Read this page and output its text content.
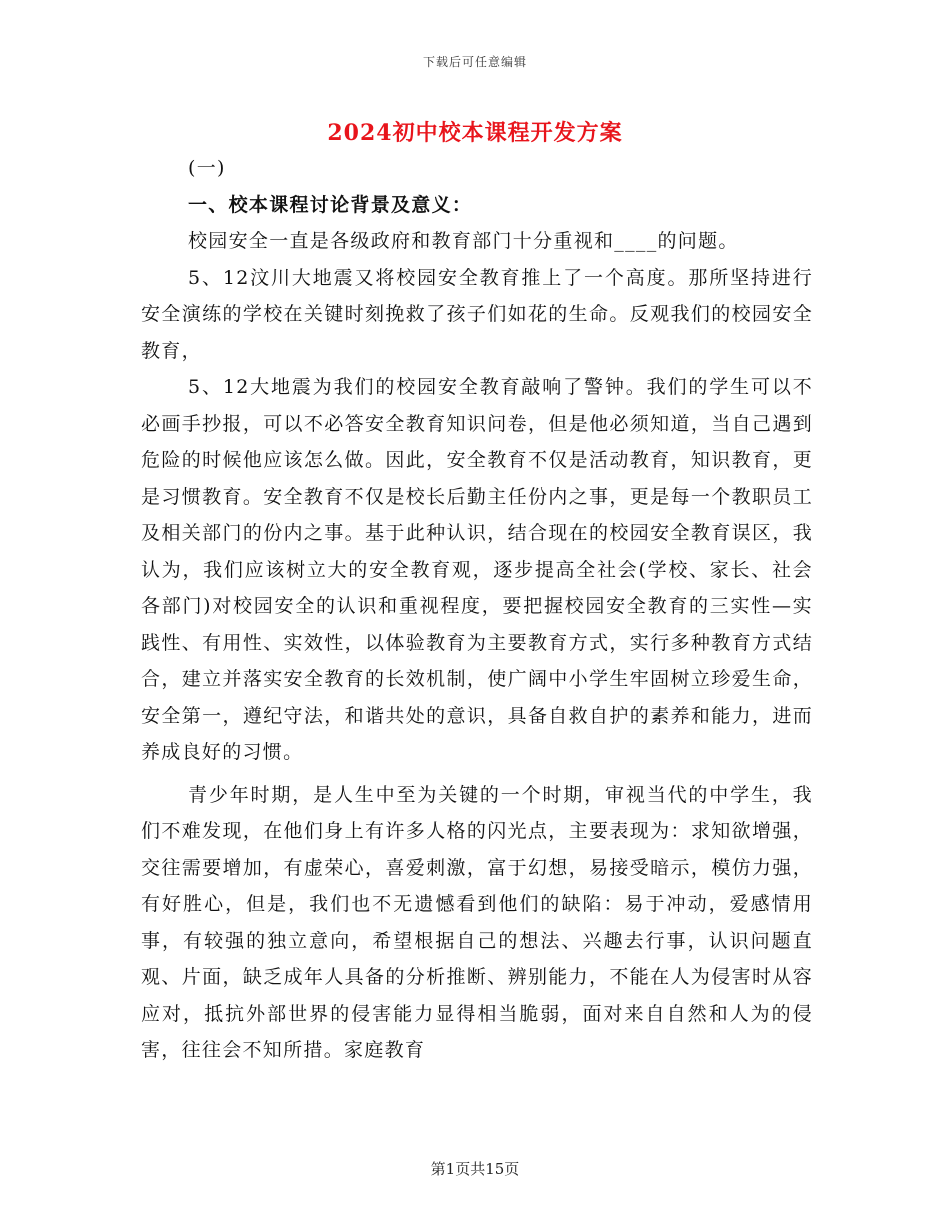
下载后可任意编辑
2024初中校本课程开发方案

(一)

一、校本课程讨论背景及意义：

校园安全一直是各级政府和教育部门十分重视和____的问题。

5、12汶川大地震又将校园安全教育推上了一个高度。那所坚持进行安全演练的学校在关键时刻挽救了孩子们如花的生命。反观我们的校园安全教育，

5、12大地震为我们的校园安全教育敲响了警钟。我们的学生可以不必画手抄报，可以不必答安全教育知识问卷，但是他必须知道，当自己遇到危险的时候他应该怎么做。因此，安全教育不仅是活动教育，知识教育，更是习惯教育。安全教育不仅是校长后勤主任份内之事，更是每一个教职员工及相关部门的份内之事。基于此种认识，结合现在的校园安全教育误区，我认为，我们应该树立大的安全教育观，逐步提高全社会(学校、家长、社会各部门)对校园安全的认识和重视程度，要把握校园安全教育的三实性—实践性、有用性、实效性，以体验教育为主要教育方式，实行多种教育方式结合，建立并落实安全教育的长效机制，使广阔中小学生牢固树立珍爱生命，安全第一，遵纪守法，和谐共处的意识，具备自救自护的素养和能力，进而养成良好的习惯。

青少年时期，是人生中至为关键的一个时期，审视当代的中学生，我们不难发现，在他们身上有许多人格的闪光点，主要表现为：求知欲增强，交往需要增加，有虚荣心，喜爱刺激，富于幻想，易接受暗示，模仿力强，有好胜心，但是，我们也不无遗憾看到他们的缺陷：易于冲动，爱感情用事，有较强的独立意向，希望根据自己的想法、兴趣去行事，认识问题直观、片面，缺乏成年人具备的分析推断、辨别能力，不能在人为侵害时从容应对，抵抗外部世界的侵害能力显得相当脆弱，面对来自自然和人为的侵害，往往会不知所措。家庭教育

第1页共15页
